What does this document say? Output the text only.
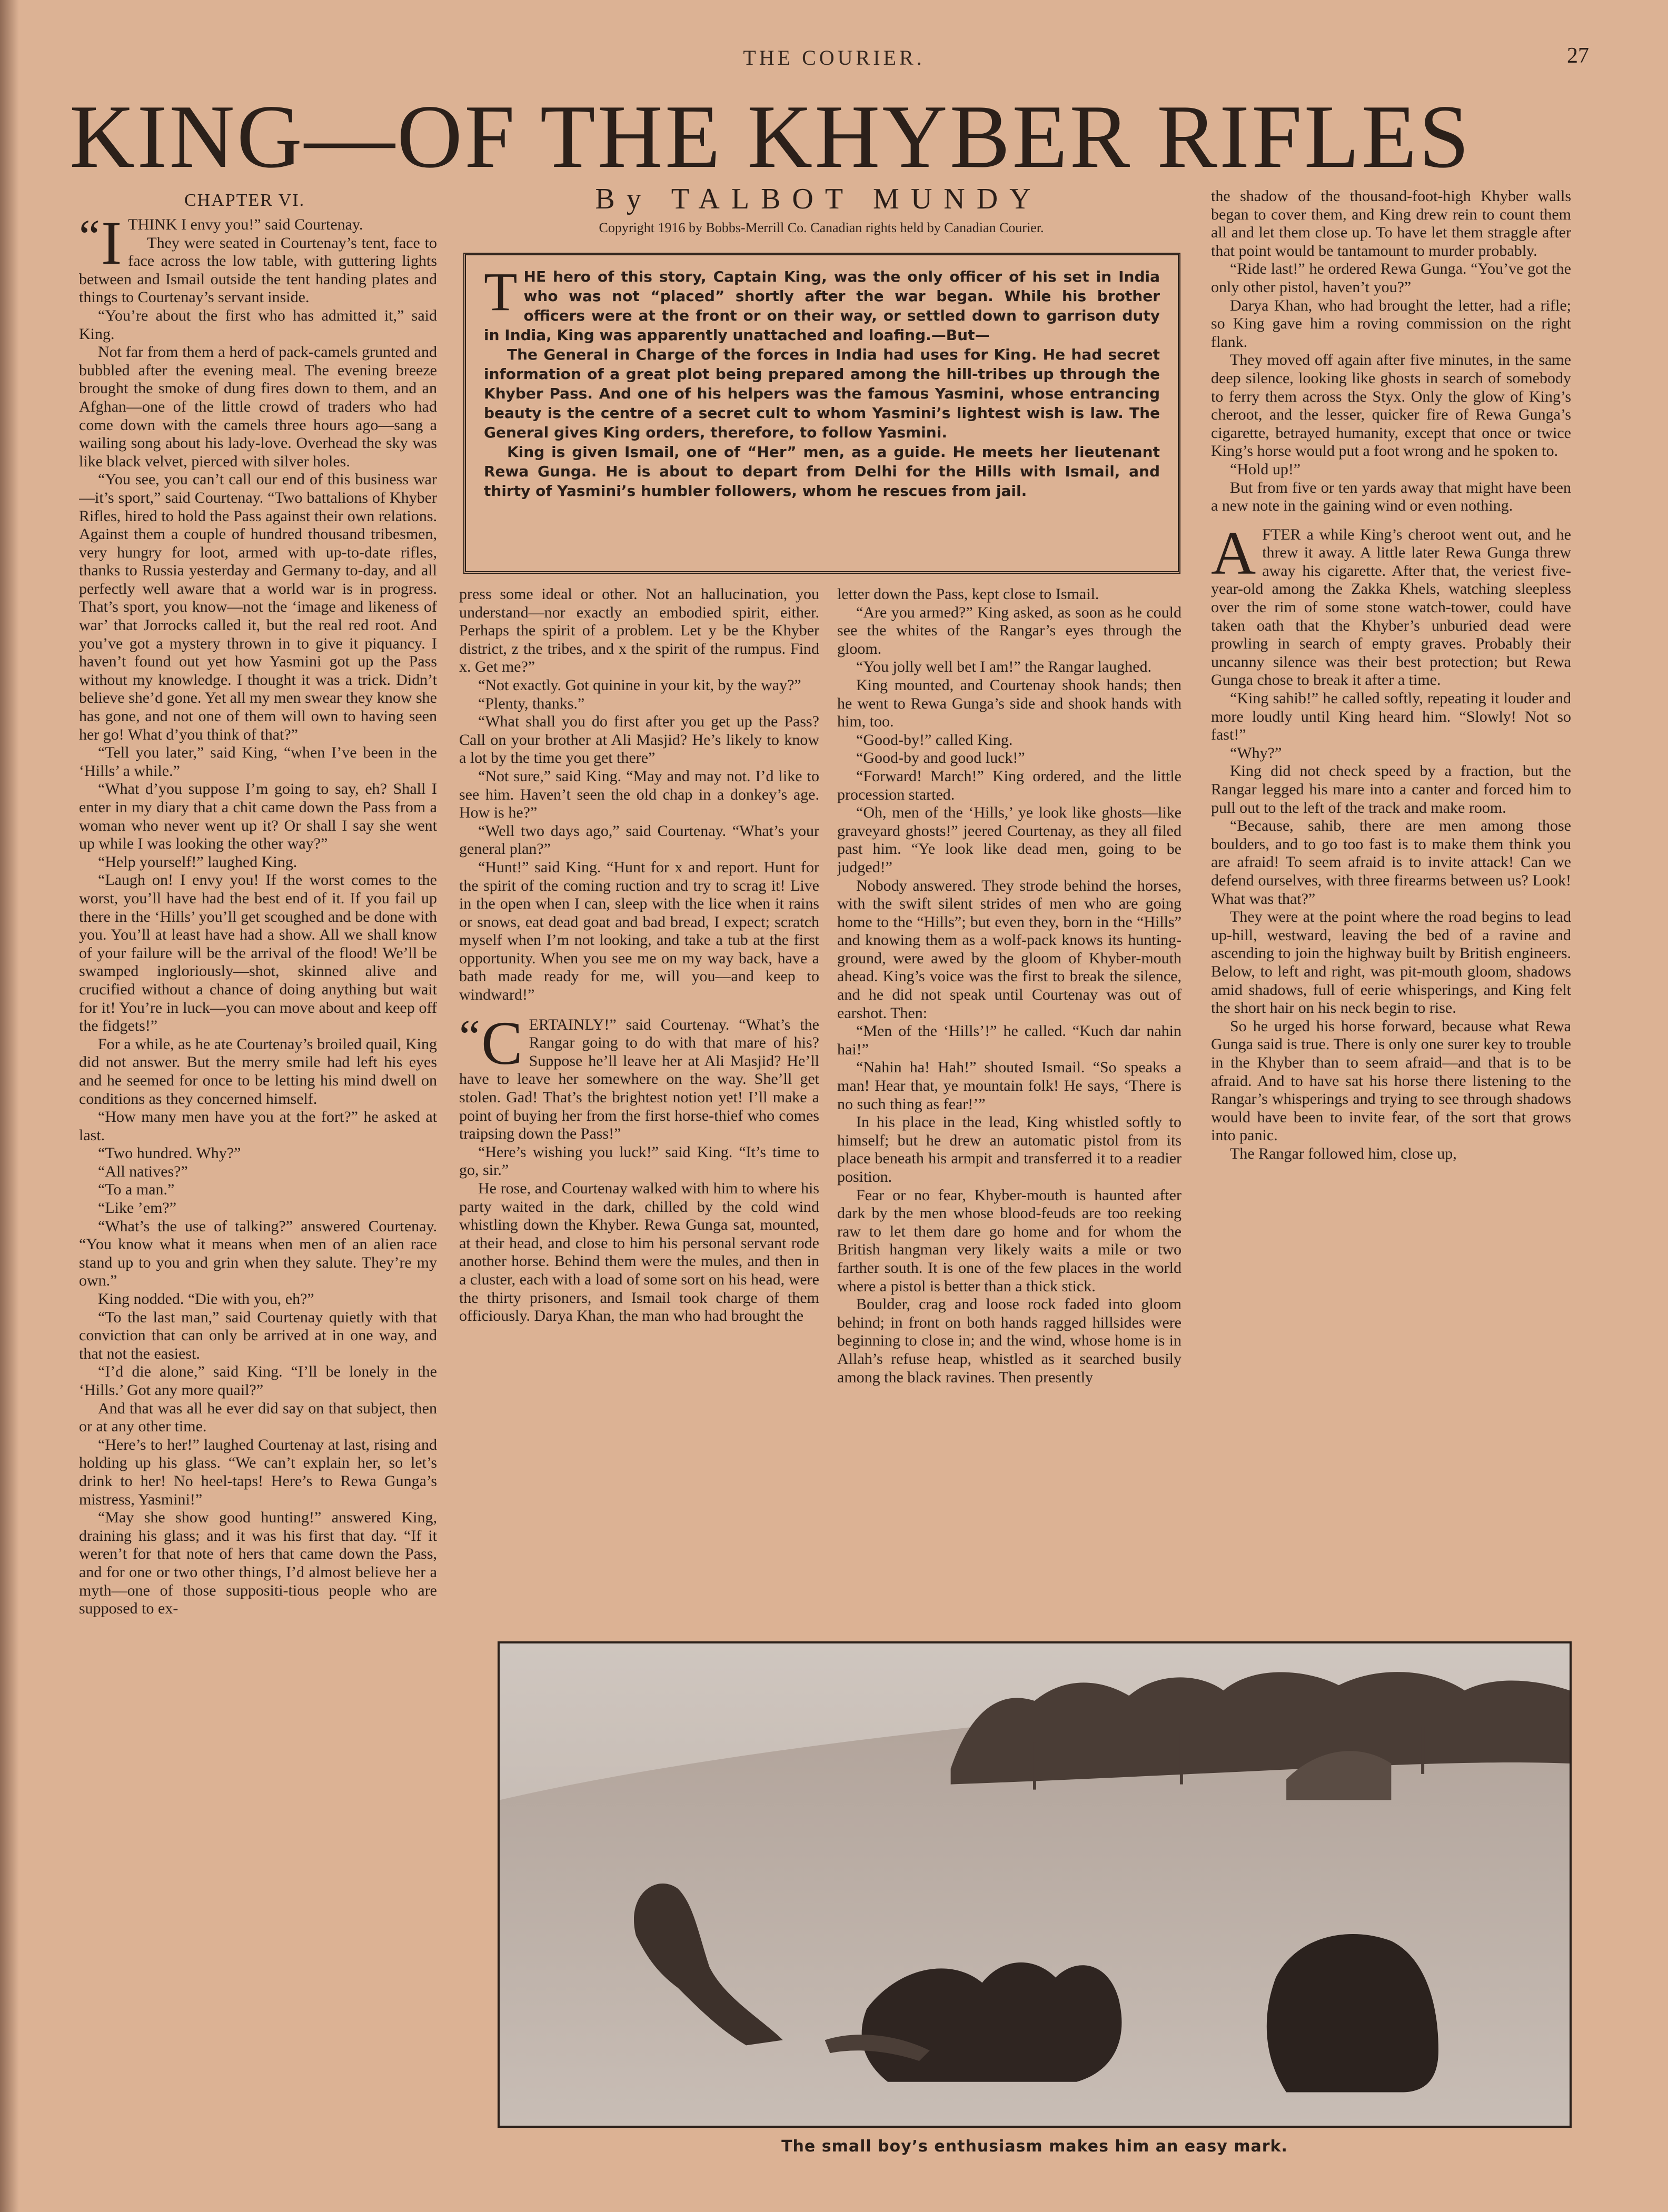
THE COURIER.	27
KING—OF THE KHYBER RIFLES
CHAPTER VI.	By TALBOT MUNDY
Copyright 1916 by Bobbs-Merrill Co. Canadian rights held by Canadian Courier.
T HE hero of this story, Captain King, was the only officer of his set in India who was not “placed” shortly after the war began. While his brother officers were at the front or on their way, or settled down to garrison duty in India, King was apparently unattached and loafing.—But—

The General in Charge of the forces in India had uses for King. He had secret information of a great plot being prepared among the hill-tribes up through the Khyber Pass. And one of his helpers was the famous Yasmini, whose entrancing beauty is the centre of a secret cult to whom Yasmini’s lightest wish is law. The General gives King orders, therefore, to follow Yasmini.

King is given Ismail, one of “Her” men, as a guide. He meets her lieutenant Rewa Gunga. He is about to depart from Delhi for the Hills with Ismail, and thirty of Yasmini’s humbler followers, whom he rescues from jail.

“ I THINK I envy you!” said Courtenay.

They were seated in Courtenay’s tent, face to face across the low table, with guttering lights between and Ismail outside the tent handing plates and things to Courtenay’s servant inside.

“You’re about the first who has admitted it,” said King.

Not far from them a herd of pack-camels grunted and bubbled after the evening meal. The evening breeze brought the smoke of dung fires down to them, and an Afghan—one of the little crowd of traders who had come down with the camels three hours ago—sang a wailing song about his lady-love. Overhead the sky was like black velvet, pierced with silver holes.

“You see, you can’t call our end of this business war—it’s sport,” said Courtenay. “Two battalions of Khyber Rifles, hired to hold the Pass against their own relations. Against them a couple of hundred thousand tribesmen, very hungry for loot, armed with up-to-date rifles, thanks to Russia yesterday and Germany to-day, and all perfectly well aware that a world war is in progress. That’s sport, you know—not the ‘image and likeness of war’ that Jorrocks called it, but the real red root. And you’ve got a mystery thrown in to give it piquancy. I haven’t found out yet how Yasmini got up the Pass without my knowledge. I thought it was a trick. Didn’t believe she’d gone. Yet all my men swear they know she has gone, and not one of them will own to having seen her go! What d’you think of that?”

“Tell you later,” said King, “when I’ve been in the ‘Hills’ a while.”

“What d’you suppose I’m going to say, eh? Shall I enter in my diary that a chit came down the Pass from a woman who never went up it? Or shall I say she went up while I was looking the other way?”

“Help yourself!” laughed King.

“Laugh on! I envy you! If the worst comes to the worst, you’ll have had the best end of it. If you fail up there in the ‘Hills’ you’ll get scoughed and be done with you. You’ll at least have had a show. All we shall know of your failure will be the arrival of the flood! We’ll be swamped ingloriously—shot, skinned alive and crucified without a chance of doing anything but wait for it! You’re in luck—you can move about and keep off the fidgets!”

For a while, as he ate Courtenay’s broiled quail, King did not answer. But the merry smile had left his eyes and he seemed for once to be letting his mind dwell on conditions as they concerned himself.

“How many men have you at the fort?” he asked at last.

“Two hundred. Why?”

“All natives?”

“To a man.”

“Like ’em?”

“What’s the use of talking?” answered Courtenay. “You know what it means when men of an alien race stand up to you and grin when they salute. They’re my own.”

King nodded. “Die with you, eh?”

“To the last man,” said Courtenay quietly with that conviction that can only be arrived at in one way, and that not the easiest.

“I’d die alone,” said King. “I’ll be lonely in the ‘Hills.’ Got any more quail?”

And that was all he ever did say on that subject, then or at any other time.

“Here’s to her!” laughed Courtenay at last, rising and holding up his glass. “We can’t explain her, so let’s drink to her! No heel-taps! Here’s to Rewa Gunga’s mistress, Yasmini!”

“May she show good hunting!” answered King, draining his glass; and it was his first that day. “If it weren’t for that note of hers that came down the Pass, and for one or two other things, I’d almost believe her a myth—one of those suppositi-tious people who are supposed to ex-

press some ideal or other. Not an hallucination, you understand—nor exactly an embodied spirit, either. Perhaps the spirit of a problem. Let y be the Khyber district, z the tribes, and x the spirit of the rumpus. Find x. Get me?”

“Not exactly. Got quinine in your kit, by the way?”

“Plenty, thanks.”

“What shall you do first after you get up the Pass? Call on your brother at Ali Masjid? He’s likely to know a lot by the time you get there”

“Not sure,” said King. “May and may not. I’d like to see him. Haven’t seen the old chap in a donkey’s age. How is he?”

“Well two days ago,” said Courtenay. “What’s your general plan?”

“Hunt!” said King. “Hunt for x and report. Hunt for the spirit of the coming ruction and try to scrag it! Live in the open when I can, sleep with the lice when it rains or snows, eat dead goat and bad bread, I expect; scratch myself when I’m not looking, and take a tub at the first opportunity. When you see me on my way back, have a bath made ready for me, will you—and keep to windward!”

“ C ERTAINLY!” said Courtenay. “What’s the Rangar going to do with that mare of his? Suppose he’ll leave her at Ali Masjid? He’ll have to leave her somewhere on the way. She’ll get stolen. Gad! That’s the brightest notion yet! I’ll make a point of buying her from the first horse-thief who comes traipsing down the Pass!”

“Here’s wishing you luck!” said King. “It’s time to go, sir.”

He rose, and Courtenay walked with him to where his party waited in the dark, chilled by the cold wind whistling down the Khyber. Rewa Gunga sat, mounted, at their head, and close to him his personal servant rode another horse. Behind them were the mules, and then in a cluster, each with a load of some sort on his head, were the thirty prisoners, and Ismail took charge of them officiously. Darya Khan, the man who had brought the

letter down the Pass, kept close to Ismail.

“Are you armed?” King asked, as soon as he could see the whites of the Rangar’s eyes through the gloom.

“You jolly well bet I am!” the Rangar laughed.

King mounted, and Courtenay shook hands; then he went to Rewa Gunga’s side and shook hands with him, too.

“Good-by!” called King.

“Good-by and good luck!”

“Forward! March!” King ordered, and the little procession started.

“Oh, men of the ‘Hills,’ ye look like ghosts—like graveyard ghosts!” jeered Courtenay, as they all filed past him. “Ye look like dead men, going to be judged!”

Nobody answered. They strode behind the horses, with the swift silent strides of men who are going home to the “Hills”; but even they, born in the “Hills” and knowing them as a wolf-pack knows its hunting-ground, were awed by the gloom of Khyber-mouth ahead. King’s voice was the first to break the silence, and he did not speak until Courtenay was out of earshot. Then:

“Men of the ‘Hills’!” he called. “Kuch dar nahin hai!”

“Nahin ha! Hah!” shouted Ismail. “So speaks a man! Hear that, ye mountain folk! He says, ‘There is no such thing as fear!’”

In his place in the lead, King whistled softly to himself; but he drew an automatic pistol from its place beneath his armpit and transferred it to a readier position.

Fear or no fear, Khyber-mouth is haunted after dark by the men whose blood-feuds are too reeking raw to let them dare go home and for whom the British hangman very likely waits a mile or two farther south. It is one of the few places in the world where a pistol is better than a thick stick.

Boulder, crag and loose rock faded into gloom behind; in front on both hands ragged hillsides were beginning to close in; and the wind, whose home is in Allah’s refuse heap, whistled as it searched busily among the black ravines. Then presently

the shadow of the thousand-foot-high Khyber walls began to cover them, and King drew rein to count them all and let them close up. To have let them straggle after that point would be tantamount to murder probably.

“Ride last!” he ordered Rewa Gunga. “You’ve got the only other pistol, haven’t you?”

Darya Khan, who had brought the letter, had a rifle; so King gave him a roving commission on the right flank.

They moved off again after five minutes, in the same deep silence, looking like ghosts in search of somebody to ferry them across the Styx. Only the glow of King’s cheroot, and the lesser, quicker fire of Rewa Gunga’s cigarette, betrayed humanity, except that once or twice King’s horse would put a foot wrong and he spoken to.

“Hold up!”

But from five or ten yards away that might have been a new note in the gaining wind or even nothing.

AFTER a while King’s cheroot went out, and he threw it away. A little later Rewa Gunga threw away his cigarette. After that, the veriest five-year-old among the Zakka Khels, watching sleepless over the rim of some stone watch-tower, could have taken oath that the Khyber’s unburied dead were prowling in search of empty graves. Probably their uncanny silence was their best protection; but Rewa Gunga chose to break it after a time.

“King sahib!” he called softly, repeating it louder and more loudly until King heard him. “Slowly! Not so fast!”

“Why?”

King did not check speed by a fraction, but the Rangar legged his mare into a canter and forced him to pull out to the left of the track and make room.

“Because, sahib, there are men among those boulders, and to go too fast is to make them think you are afraid! To seem afraid is to invite attack! Can we defend ourselves, with three firearms between us? Look! What was that?”

They were at the point where the road begins to lead up-hill, westward, leaving the bed of a ravine and ascending to join the highway built by British engineers. Below, to left and right, was pit-mouth gloom, shadows amid shadows, full of eerie whisperings, and King felt the short hair on his neck begin to rise.

So he urged his horse forward, because what Rewa Gunga said is true. There is only one surer key to trouble in the Khyber than to seem afraid—and that is to be afraid. And to have sat his horse there listening to the Rangar’s whisperings and trying to see through shadows would have been to invite fear, of the sort that grows into panic.

The Rangar followed him, close up,

The small boy’s enthusiasm makes him an easy mark.
